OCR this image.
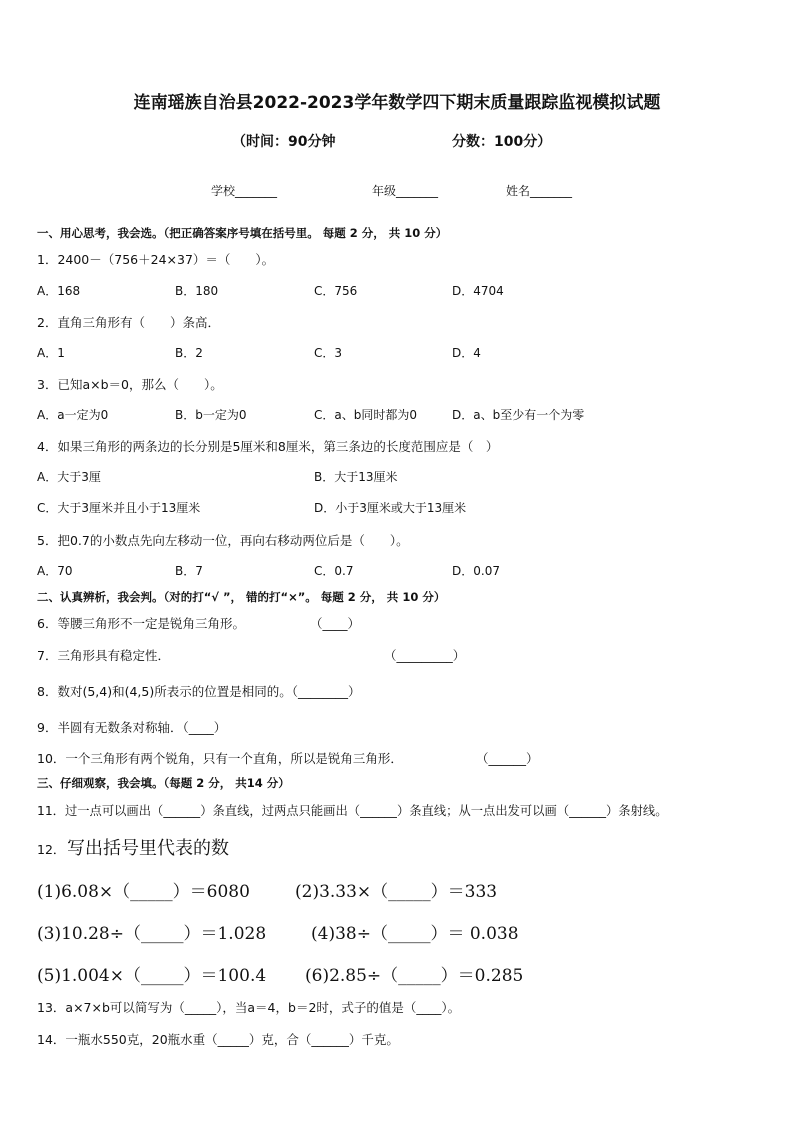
连南瑶族自治县2022-2023学年数学四下期末质量跟踪监视模拟试题
（时间：90分钟	分数：100分）
学校_______	年级_______	姓名_______
一、用心思考，我会选。（把正确答案序号填在括号里。 每题 2 分， 共 10 分）
1．2400－（756＋24×37）＝（　　）。
A．168	B．180	C．756	D．4704
2．直角三角形有（　　）条高．
A．1	B．2	C．3	D．4
3．已知a×b＝0，那么（　　）。
A．a一定为0	B．b一定为0	C．a、b同时都为0	D．a、b至少有一个为零
4．如果三角形的两条边的长分别是5厘米和8厘米，第三条边的长度范围应是（　）
A．大于3厘	B．大于13厘米
C．大于3厘米并且小于13厘米	D．小于3厘米或大于13厘米
5．把0.7的小数点先向左移动一位，再向右移动两位后是（　　）。
A．70	B．7	C．0.7	D．0.07
二、认真辨析，我会判。（对的打“√ ”， 错的打“×”。 每题 2 分， 共 10 分）
6．等腰三角形不一定是锐角三角形。	（____）
7．三角形具有稳定性．	（_________）
8．数对(5,4)和(4,5)所表示的位置是相同的。（________）
9．半圆有无数条对称轴．（____）
10．一个三角形有两个锐角，只有一个直角，所以是锐角三角形．	（______）
三、仔细观察，我会填。（每题 2 分， 共14 分）
11．过一点可以画出（______）条直线，过两点只能画出（______）条直线；从一点出发可以画（______）条射线。
12． 写出括号里代表的数
(1)6.08×（_____）＝6080	(2)3.33×（_____）＝333
(3)10.28÷（_____）＝1.028	(4)38÷（_____）＝ 0.038
(5)1.004×（_____）＝100.4 (6)2.85÷（_____）＝0.285
13．a×7×b可以简写为（_____），当a＝4，b＝2时，式子的值是（____）。
14．一瓶水550克，20瓶水重（_____）克，合（______）千克。
